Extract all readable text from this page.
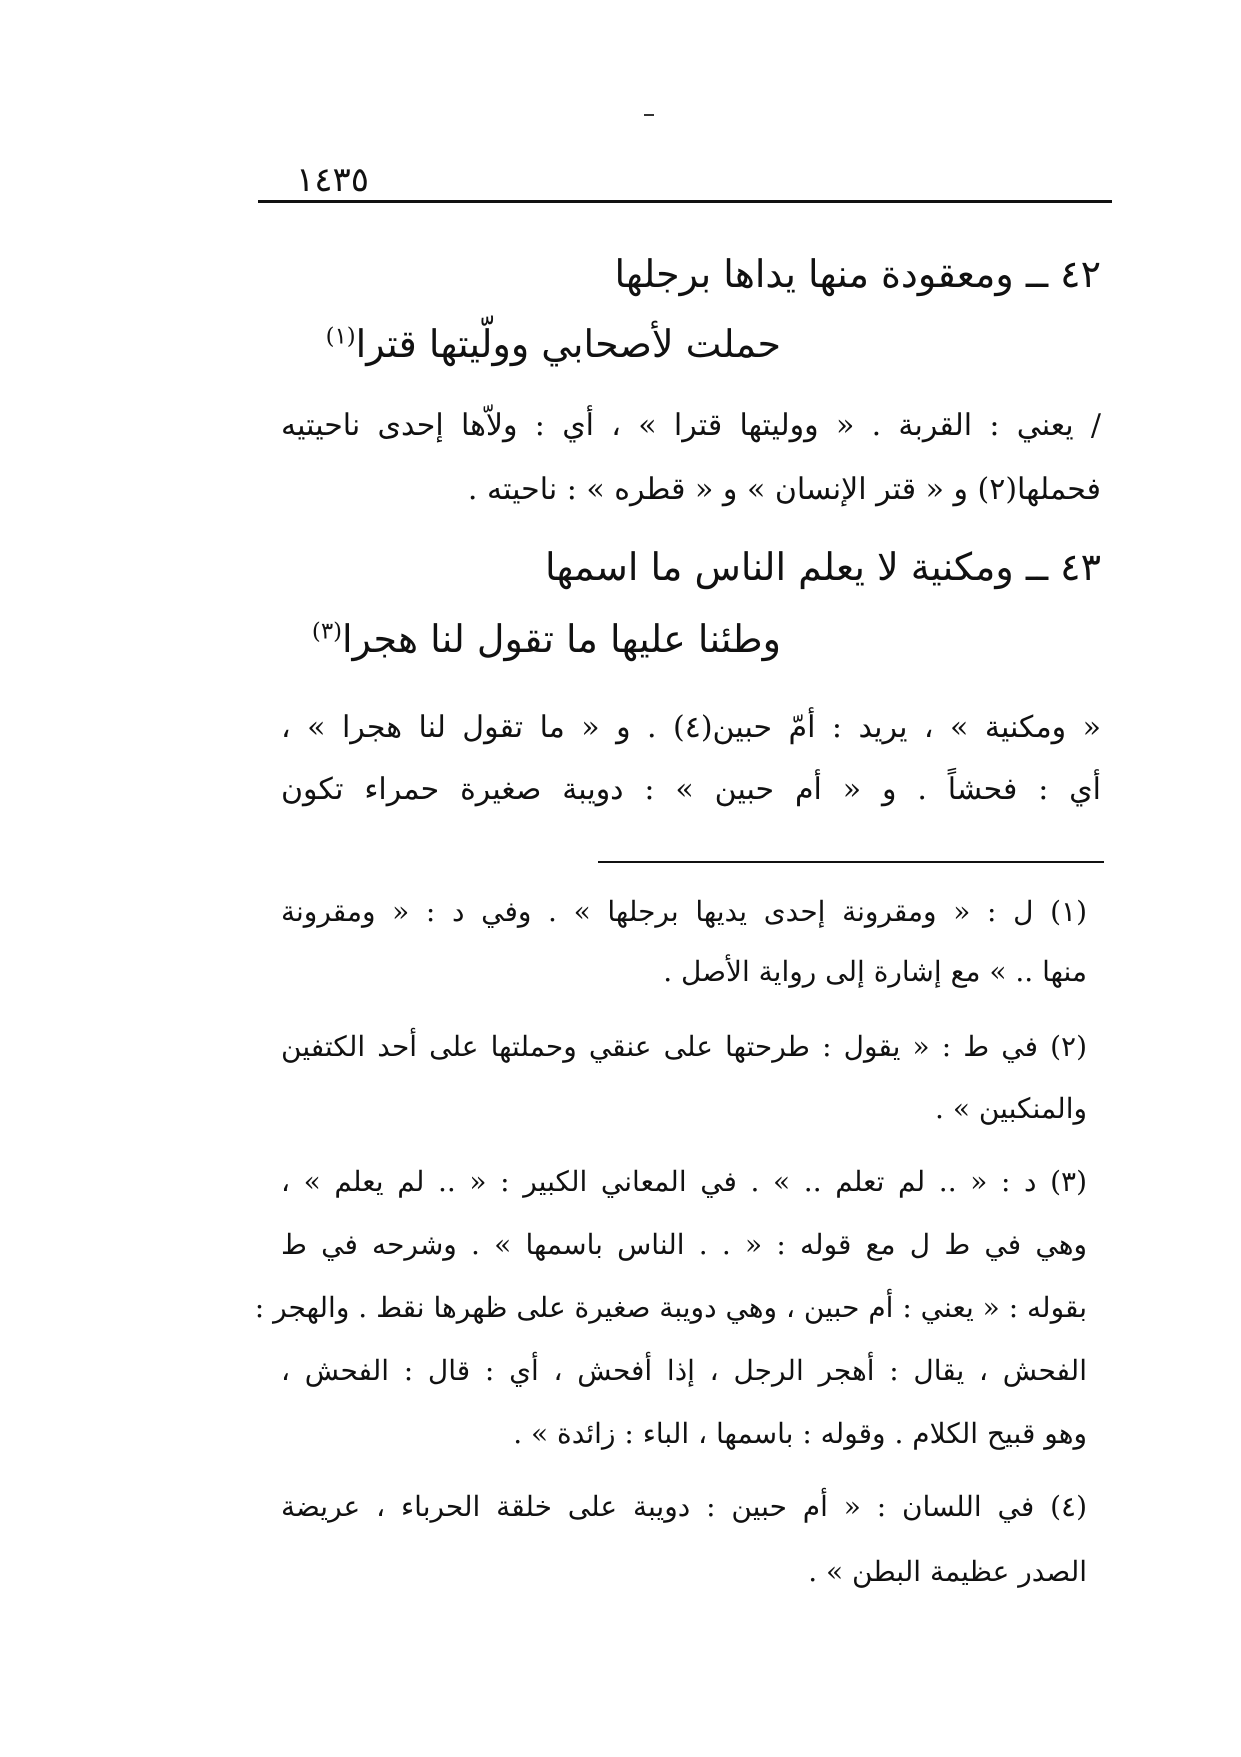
١٤٣٥
٤٢ ــ ومعقودة منها يداها برجلها
حملت لأصحابي وولّيتها قترا$^{(١)}$
/ يعني : القربة . « ووليتها قترا » ، أي : ولاّها إحدى ناحيتيه
فحملها(٢) و « قتر الإنسان » و « قطره » : ناحيته .
٤٣ ــ ومكنية لا يعلم الناس ما اسمها
وطئنا عليها ما تقول لنا هجرا$^{(٣)}$
« ومكنية » ، يريد : أمّ حبين(٤) . و « ما تقول لنا هجرا » ،
أي : فحشاً . و « أم حبين » : دويبة صغيرة حمراء تكون
(١) ل : « ومقرونة إحدى يديها برجلها » . وفي د : « ومقرونة
منها .. » مع إشارة إلى رواية الأصل .
(٢) في ط : « يقول : طرحتها على عنقي وحملتها على أحد الكتفين
والمنكبين » .
(٣) د : « .. لم تعلم .. » . في المعاني الكبير : « .. لم يعلم » ،
وهي في ط ل مع قوله : « . . الناس باسمها » . وشرحه في ط
بقوله : « يعني : أم حبين ، وهي دويبة صغيرة على ظهرها نقط . والهجر :
الفحش ، يقال : أهجر الرجل ، إذا أفحش ، أي : قال : الفحش ،
وهو قبيح الكلام . وقوله : باسمها ، الباء : زائدة » .
(٤) في اللسان : « أم حبين : دويبة على خلقة الحرباء ، عريضة
الصدر عظيمة البطن » .
